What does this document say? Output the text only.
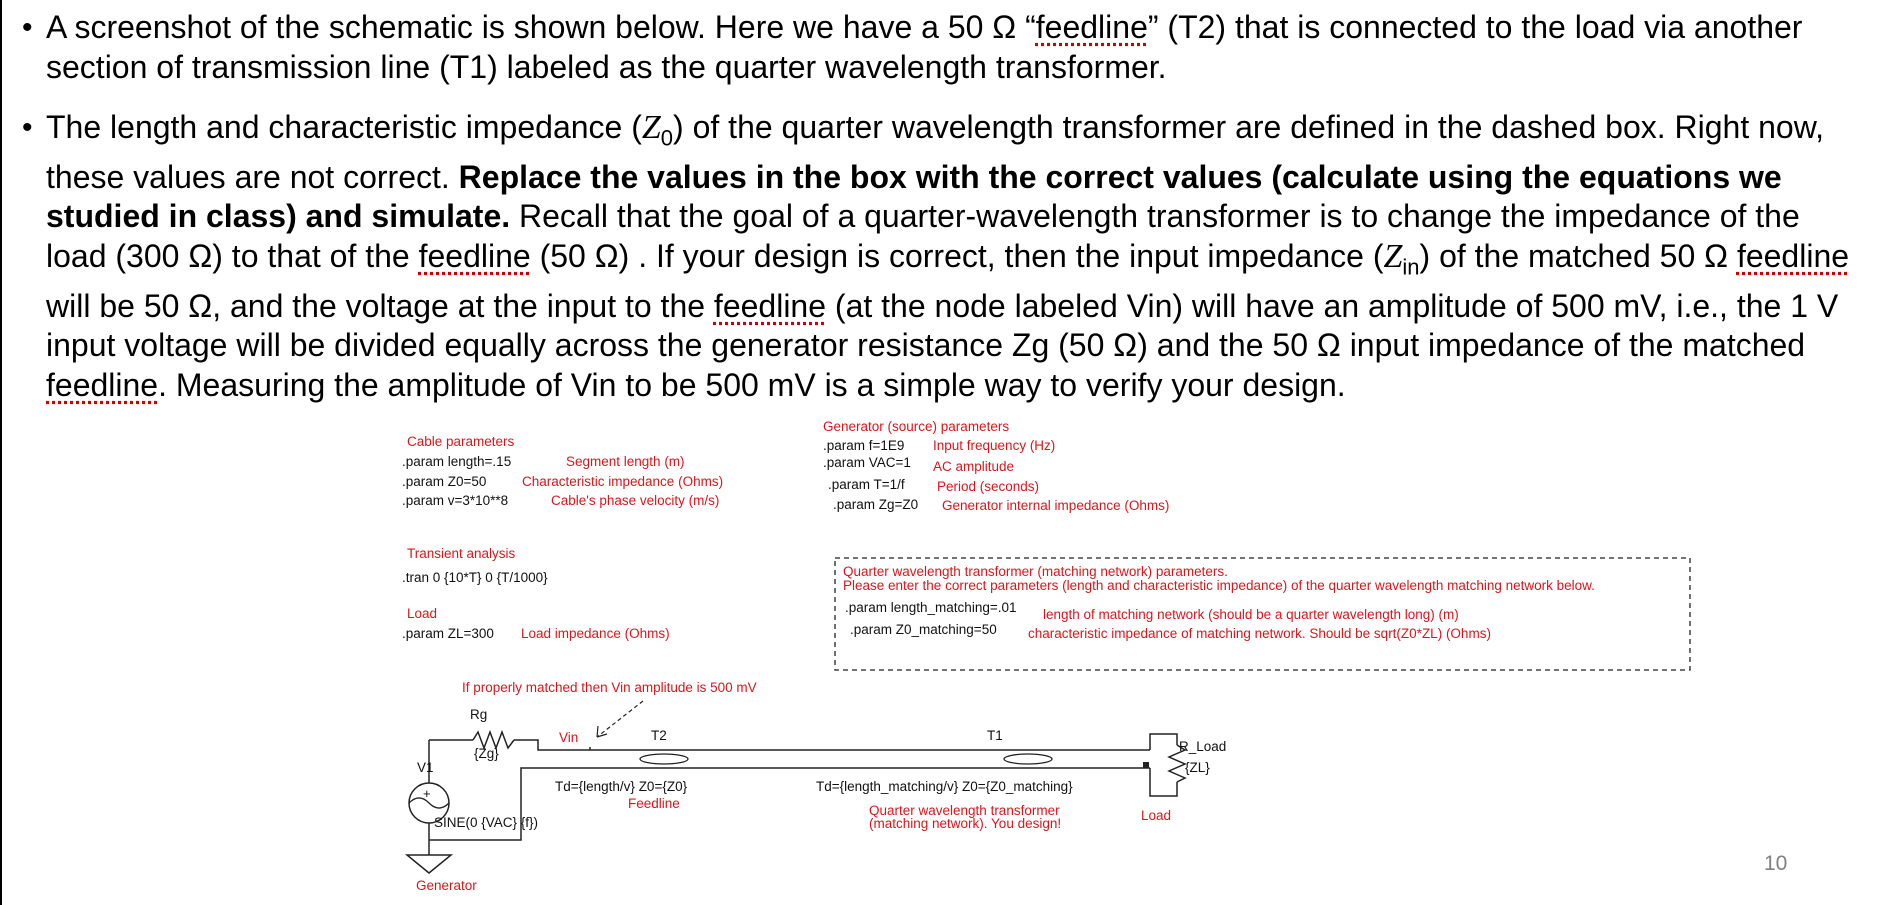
• A screenshot of the schematic is shown below. Here we have a 50 Ω “feedline” (T2) that is connected to the load via another section of transmission line (T1) labeled as the quarter wavelength transformer.
• The length and characteristic impedance $(Z_0)$ of the quarter wavelength transformer are defined in the dashed box. Right now, these values are not correct. Replace the values in the box with the correct values (calculate using the equations we studied in class) and simulate. Recall that the goal of a quarter-wavelength transformer is to change the impedance of the load (300 Ω) to that of the feedline (50 Ω) . If your design is correct, then the input impedance $(Z_{in})$ of the matched 50 Ω feedline will be 50 Ω, and the voltage at the input to the feedline (at the node labeled Vin) will have an amplitude of 500 mV, i.e., the 1 V input voltage will be divided equally across the generator resistance Zg (50 Ω) and the 50 Ω input impedance of the matched feedline. Measuring the amplitude of Vin to be 500 mV is a simple way to verify your design.
Cable parameters
.param length=.15
.param Z0=50
.param v=3*10**8
Segment length (m)
Characteristic impedance (Ohms)
Cable's phase velocity (m/s)
Generator (source) parameters
.param f=1E9
.param VAC=1
.param T=1/f
.param Zg=Z0
Input frequency (Hz)
AC amplitude
Period (seconds)
Generator internal impedance (Ohms)
Transient analysis
.tran 0 {10*T} 0 {T/1000}
Load
.param ZL=300 Load impedance (Ohms)
Quarter wavelength transformer (matching network) parameters.
Please enter the correct parameters (length and characteristic impedance) of the quarter wavelength matching network below.
.param length_matching=.01 length of matching network (should be a quarter wavelength long) (m)
.param Z0_matching=50 characteristic impedance of matching network. Should be sqrt(Z0*ZL) (Ohms)
If properly matched then Vin amplitude is 500 mV
+
Rg
{Zg}
V1
SINE(0 {VAC} {f})
Vin	T2
Td={length/v} Z0={Z0}
Feedline
T1
Td={length_matching/v} Z0={Z0_matching}
Quarter wavelength transformer
(matching network). You design!
R_Load
{ZL}
Load
Generator
10
